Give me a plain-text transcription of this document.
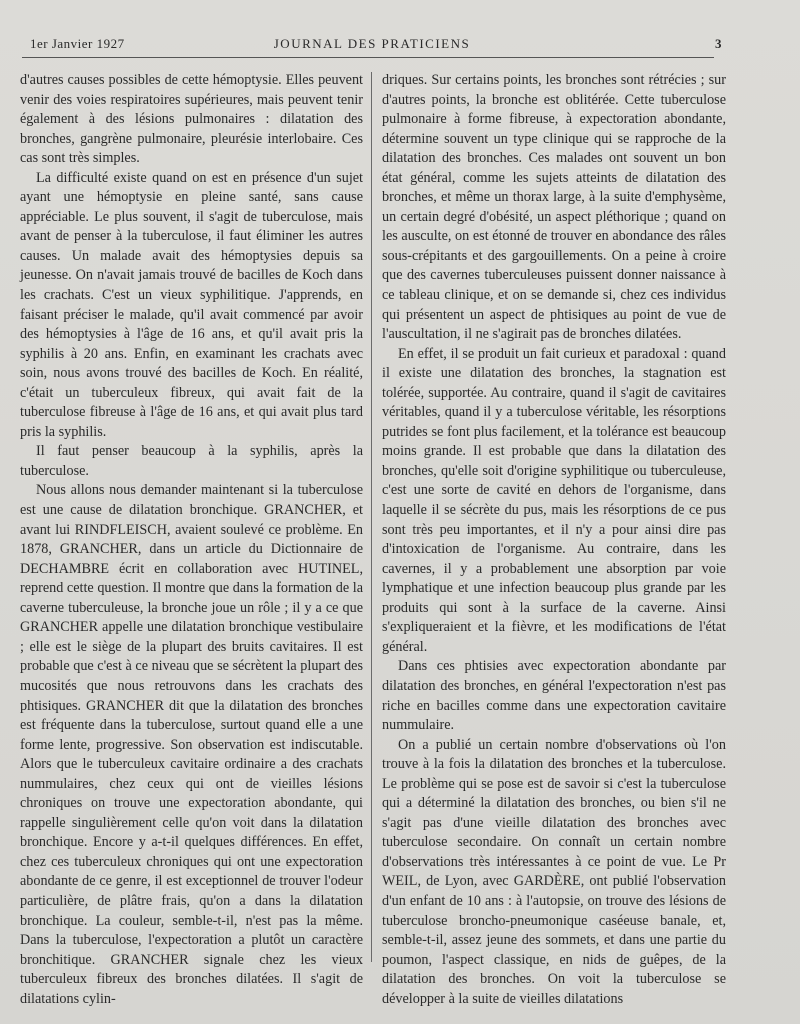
1er Janvier 1927	JOURNAL DES PRATICIENS	3

d'autres causes possibles de cette hémoptysie. Elles peuvent venir des voies respiratoires supérieures, mais peuvent tenir également à des lésions pulmonaires : dilatation des bronches, gangrène pulmonaire, pleurésie interlobaire. Ces cas sont très simples.

La difficulté existe quand on est en présence d'un sujet ayant une hémoptysie en pleine santé, sans cause appréciable. Le plus souvent, il s'agit de tuberculose, mais avant de penser à la tuberculose, il faut éliminer les autres causes. Un malade avait des hémoptysies depuis sa jeunesse. On n'avait jamais trouvé de bacilles de Koch dans les crachats. C'est un vieux syphilitique. J'apprends, en faisant préciser le malade, qu'il avait commencé par avoir des hémoptysies à l'âge de 16 ans, et qu'il avait pris la syphilis à 20 ans. Enfin, en examinant les crachats avec soin, nous avons trouvé des bacilles de Koch. En réalité, c'était un tuberculeux fibreux, qui avait fait de la tuberculose fibreuse à l'âge de 16 ans, et qui avait plus tard pris la syphilis.

Il faut penser beaucoup à la syphilis, après la tuberculose.

Nous allons nous demander maintenant si la tuberculose est une cause de dilatation bronchique. GRANCHER, et avant lui RINDFLEISCH, avaient soulevé ce problème. En 1878, GRANCHER, dans un article du Dictionnaire de DECHAMBRE écrit en collaboration avec HUTINEL, reprend cette question. Il montre que dans la formation de la caverne tuberculeuse, la bronche joue un rôle ; il y a ce que GRANCHER appelle une dilatation bronchique vestibulaire ; elle est le siège de la plupart des bruits cavitaires. Il est probable que c'est à ce niveau que se sécrètent la plupart des mucosités que nous retrouvons dans les crachats des phtisiques. GRANCHER dit que la dilatation des bronches est fréquente dans la tuberculose, surtout quand elle a une forme lente, progressive. Son observation est indiscutable. Alors que le tuberculeux cavitaire ordinaire a des crachats nummulaires, chez ceux qui ont de vieilles lésions chroniques on trouve une expectoration abondante, qui rappelle singulièrement celle qu'on voit dans la dilatation bronchique. Encore y a-t-il quelques différences. En effet, chez ces tuberculeux chroniques qui ont une expectoration abondante de ce genre, il est exceptionnel de trouver l'odeur particulière, de plâtre frais, qu'on a dans la dilatation bronchique. La couleur, semble-t-il, n'est pas la même. Dans la tuberculose, l'expectoration a plutôt un caractère bronchitique. GRANCHER signale chez les vieux tuberculeux fibreux des bronches dilatées. Il s'agit de dilatations cylin-

driques. Sur certains points, les bronches sont rétrécies ; sur d'autres points, la bronche est oblitérée. Cette tuberculose pulmonaire à forme fibreuse, à expectoration abondante, détermine souvent un type clinique qui se rapproche de la dilatation des bronches. Ces malades ont souvent un bon état général, comme les sujets atteints de dilatation des bronches, et même un thorax large, à la suite d'emphysème, un certain degré d'obésité, un aspect pléthorique ; quand on les ausculte, on est étonné de trouver en abondance des râles sous-crépitants et des gargouillements. On a peine à croire que des cavernes tuberculeuses puissent donner naissance à ce tableau clinique, et on se demande si, chez ces individus qui présentent un aspect de phtisiques au point de vue de l'auscultation, il ne s'agirait pas de bronches dilatées.

En effet, il se produit un fait curieux et paradoxal : quand il existe une dilatation des bronches, la stagnation est tolérée, supportée. Au contraire, quand il s'agit de cavitaires véritables, quand il y a tuberculose véritable, les résorptions putrides se font plus facilement, et la tolérance est beaucoup moins grande. Il est probable que dans la dilatation des bronches, qu'elle soit d'origine syphilitique ou tuberculeuse, c'est une sorte de cavité en dehors de l'organisme, dans laquelle il se sécrète du pus, mais les résorptions de ce pus sont très peu importantes, et il n'y a pour ainsi dire pas d'intoxication de l'organisme. Au contraire, dans les cavernes, il y a probablement une absorption par voie lymphatique et une infection beaucoup plus grande par les produits qui sont à la surface de la caverne. Ainsi s'expliqueraient et la fièvre, et les modifications de l'état général.

Dans ces phtisies avec expectoration abondante par dilatation des bronches, en général l'expectoration n'est pas riche en bacilles comme dans une expectoration cavitaire nummulaire.

On a publié un certain nombre d'observations où l'on trouve à la fois la dilatation des bronches et la tuberculose. Le problème qui se pose est de savoir si c'est la tuberculose qui a déterminé la dilatation des bronches, ou bien s'il ne s'agit pas d'une vieille dilatation des bronches avec tuberculose secondaire. On connaît un certain nombre d'observations très intéressantes à ce point de vue. Le Pr WEIL, de Lyon, avec GARDÈRE, ont publié l'observation d'un enfant de 10 ans : à l'autopsie, on trouve des lésions de tuberculose broncho-pneumonique caséeuse banale, et, semble-t-il, assez jeune des sommets, et dans une partie du poumon, l'aspect classique, en nids de guêpes, de la dilatation des bronches. On voit la tuberculose se développer à la suite de vieilles dilatations
